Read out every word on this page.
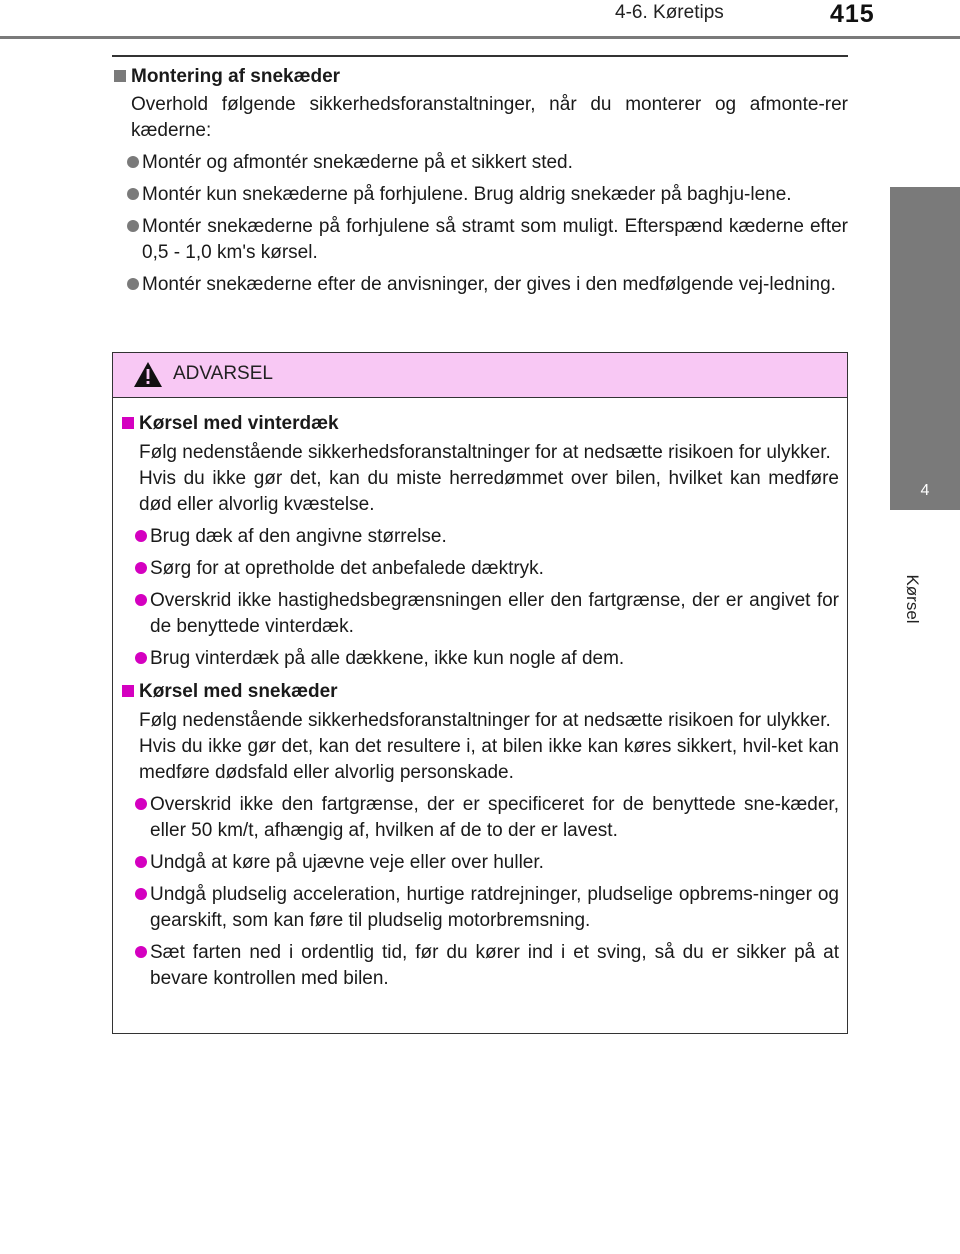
4-6. Køretips	415
4
Kørsel
Montering af snekæder
Overhold følgende sikkerhedsforanstaltninger, når du monterer og afmonte-rer kæderne:
Montér og afmontér snekæderne på et sikkert sted.
Montér kun snekæderne på forhjulene. Brug aldrig snekæder på baghju-lene.
Montér snekæderne på forhjulene så stramt som muligt. Efterspænd kæderne efter 0,5 - 1,0 km's kørsel.
Montér snekæderne efter de anvisninger, der gives i den medfølgende vej-ledning.
ADVARSEL
Kørsel med vinterdæk
Følg nedenstående sikkerhedsforanstaltninger for at nedsætte risikoen for ulykker.
Hvis du ikke gør det, kan du miste herredømmet over bilen, hvilket kan medføre død eller alvorlig kvæstelse.
Brug dæk af den angivne størrelse.
Sørg for at opretholde det anbefalede dæktryk.
Overskrid ikke hastighedsbegrænsningen eller den fartgrænse, der er angivet for de benyttede vinterdæk.
Brug vinterdæk på alle dækkene, ikke kun nogle af dem.
Kørsel med snekæder
Følg nedenstående sikkerhedsforanstaltninger for at nedsætte risikoen for ulykker.
Hvis du ikke gør det, kan det resultere i, at bilen ikke kan køres sikkert, hvil-ket kan medføre dødsfald eller alvorlig personskade.
Overskrid ikke den fartgrænse, der er specificeret for de benyttede sne-kæder, eller 50 km/t, afhængig af, hvilken af de to der er lavest.
Undgå at køre på ujævne veje eller over huller.
Undgå pludselig acceleration, hurtige ratdrejninger, pludselige opbrems-ninger og gearskift, som kan føre til pludselig motorbremsning.
Sæt farten ned i ordentlig tid, før du kører ind i et sving, så du er sikker på at bevare kontrollen med bilen.
